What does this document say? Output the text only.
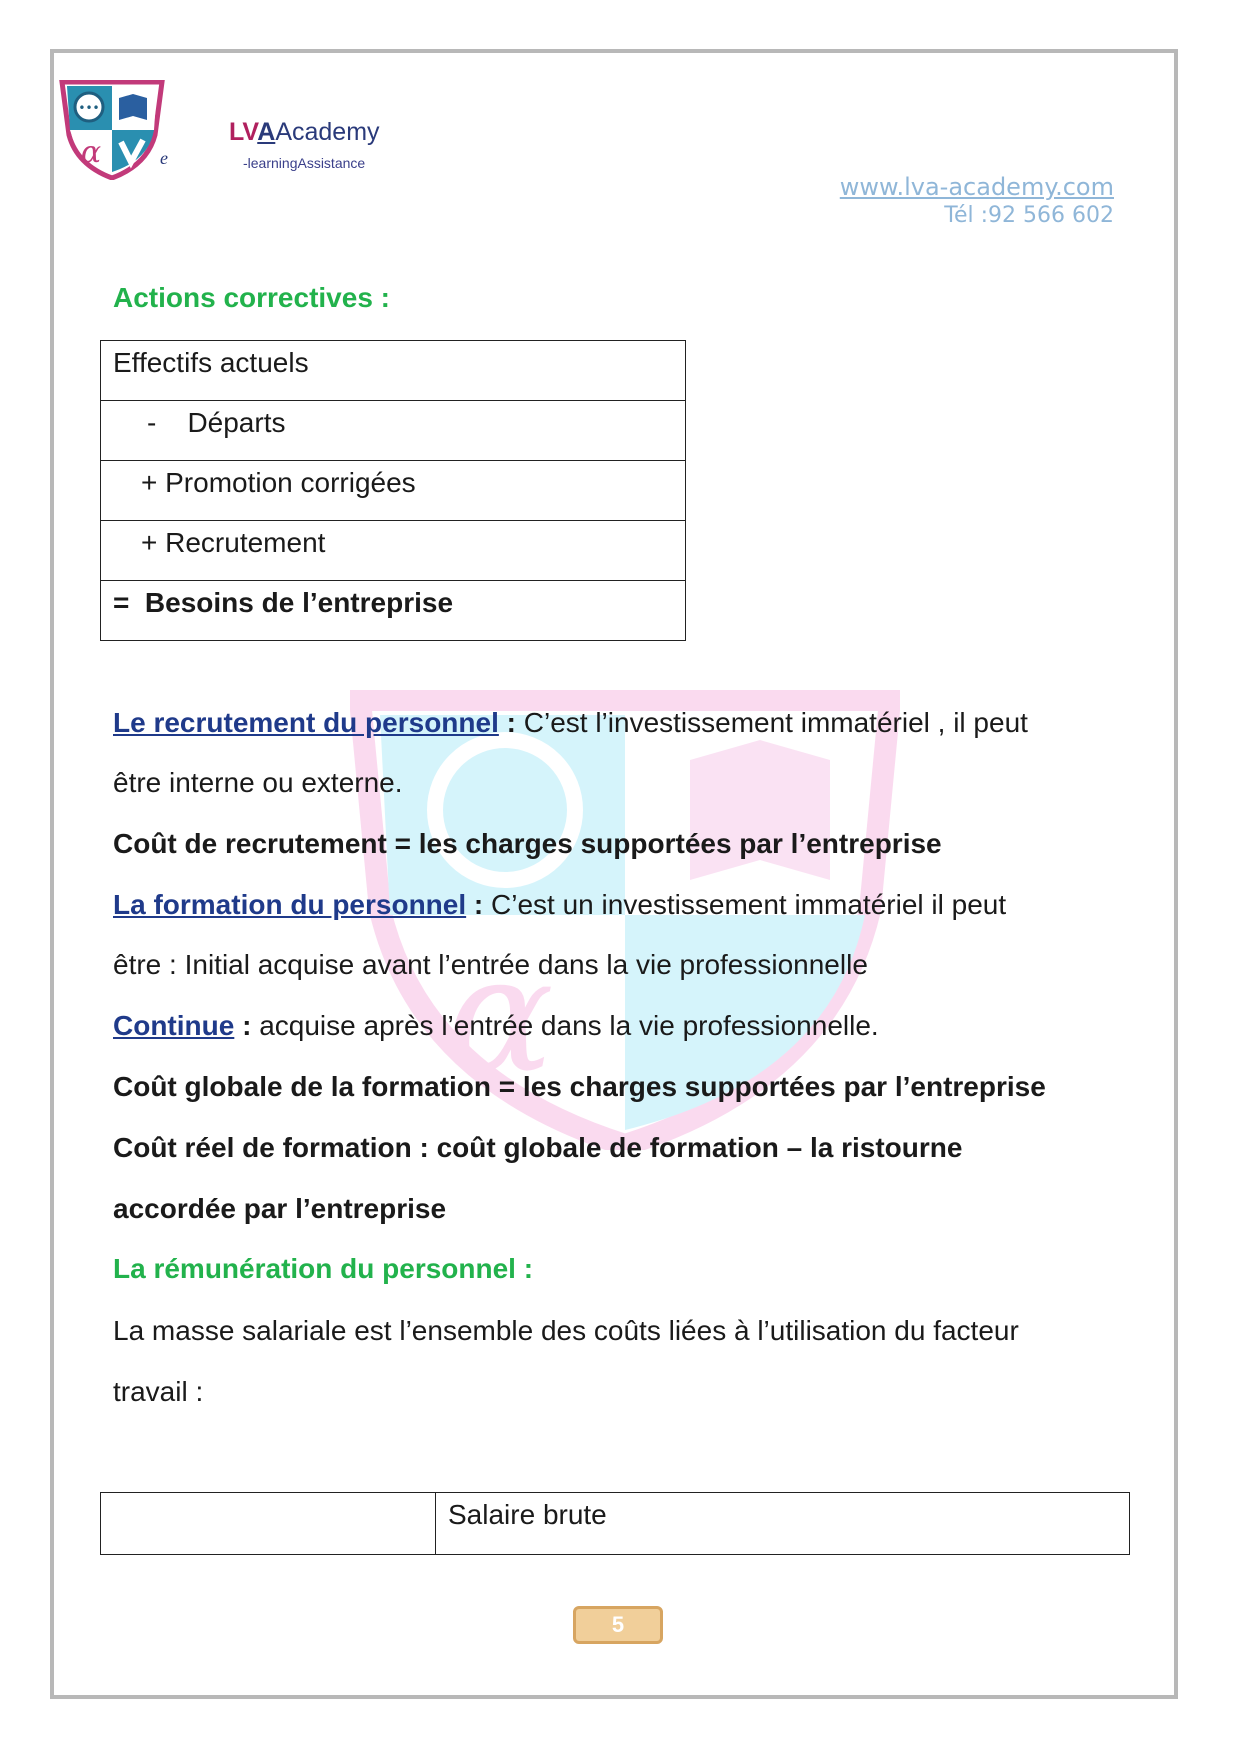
•••
α	e
LVAAcademy
-learningAssistance
www.lva-academy.com
Tél :92 566 602
α
Actions correctives :
Effectifs actuels
-    Départs
+ Promotion corrigées
+ Recrutement
=  Besoins de l’entreprise
Le recrutement du personnel : C’est l’investissement immatériel , il peut
être interne ou externe.
Coût de recrutement = les charges supportées par l’entreprise
La formation du personnel : C’est un investissement immatériel il peut
être : Initial acquise avant l’entrée dans la vie professionnelle
Continue : acquise après l’entrée dans la vie professionnelle.
Coût globale de la formation = les charges supportées par l’entreprise
Coût réel de formation : coût globale de formation – la ristourne
accordée par l’entreprise
La rémunération du personnel :
La masse salariale est l’ensemble des coûts liées à l’utilisation du facteur
travail :
	Salaire brute
5
